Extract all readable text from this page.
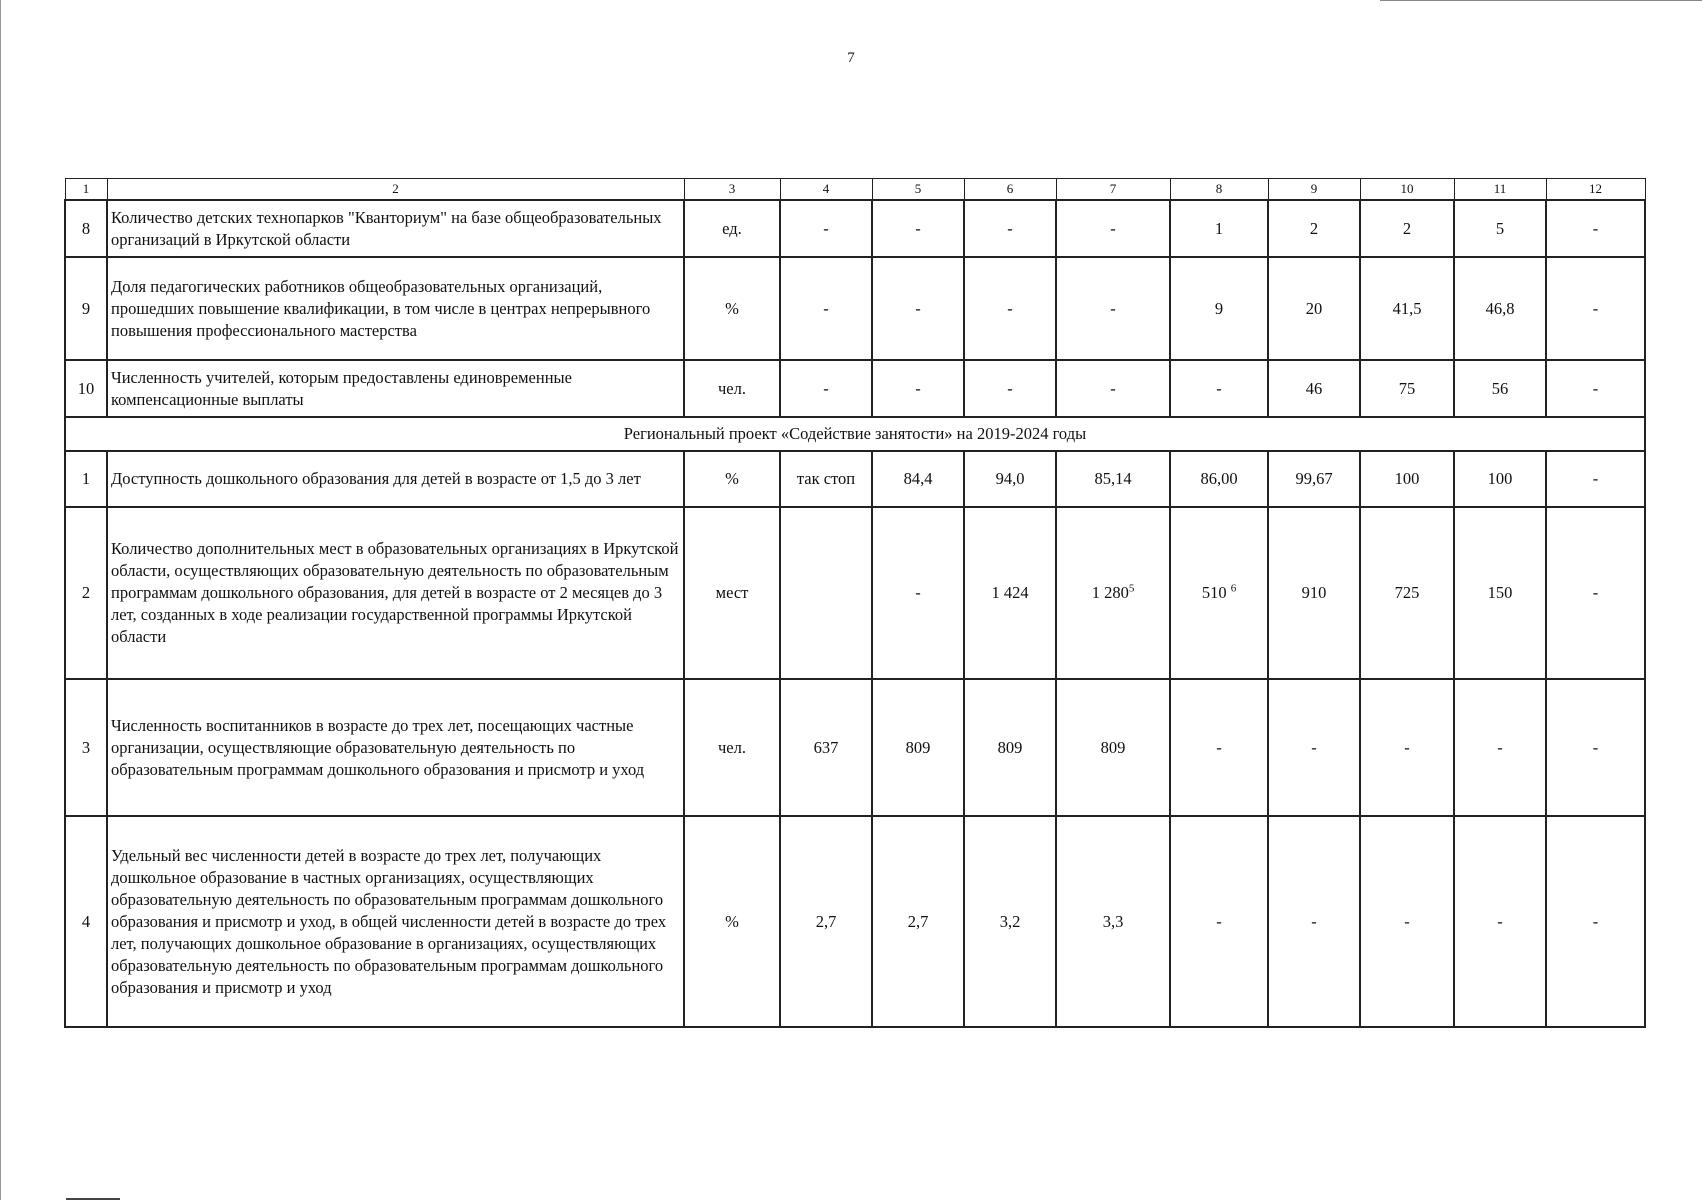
7
1	2	3	4	5	6	7	8	9	10	11	12
8	Количество детских технопарков "Кванториум" на базе общеобразовательных организаций в Иркутской области	ед.	-	-	-	-	1	2	2	5	-
9	Доля педагогических работников общеобразовательных организаций, прошедших повышение квалификации, в том числе в центрах непрерывного повышения профессионального мастерства	%	-	-	-	-	9	20	41,5	46,8	-
10	Численность учителей, которым предоставлены единовременные компенсационные выплаты	чел.	-	-	-	-	-	46	75	56	-
Региональный проект «Содействие занятости» на 2019-2024 годы											
1	Доступность дошкольного образования для детей в возрасте от 1,5 до 3 лет	%	так стоп	84,4	94,0	85,14	86,00	99,67	100	100	-
2	Количество дополнительных мест в образовательных организациях в Иркутской области, осуществляющих образовательную деятельность по образовательным программам дошкольного образования, для детей в возрасте от 2 месяцев до 3 лет, созданных в ходе реализации государственной программы Иркутской области	мест		-	1 424	1 $280^5$	510 $^6$	910	725	150	-
3	Численность воспитанников в возрасте до трех лет, посещающих частные организации, осуществляющие образовательную деятельность по образовательным программам дошкольного образования и присмотр и уход	чел.	637	809	809	809	-	-	-	-	-
4	Удельный вес численности детей в возрасте до трех лет, получающих дошкольное образование в частных организациях, осуществляющих образовательную деятельность по образовательным программам дошкольного образования и присмотр и уход, в общей численности детей в возрасте до трех лет, получающих дошкольное образование в организациях, осуществляющих образовательную деятельность по образовательным программам дошкольного образования и присмотр и уход	%	2,7	2,7	3,2	3,3	-	-	-	-	-
